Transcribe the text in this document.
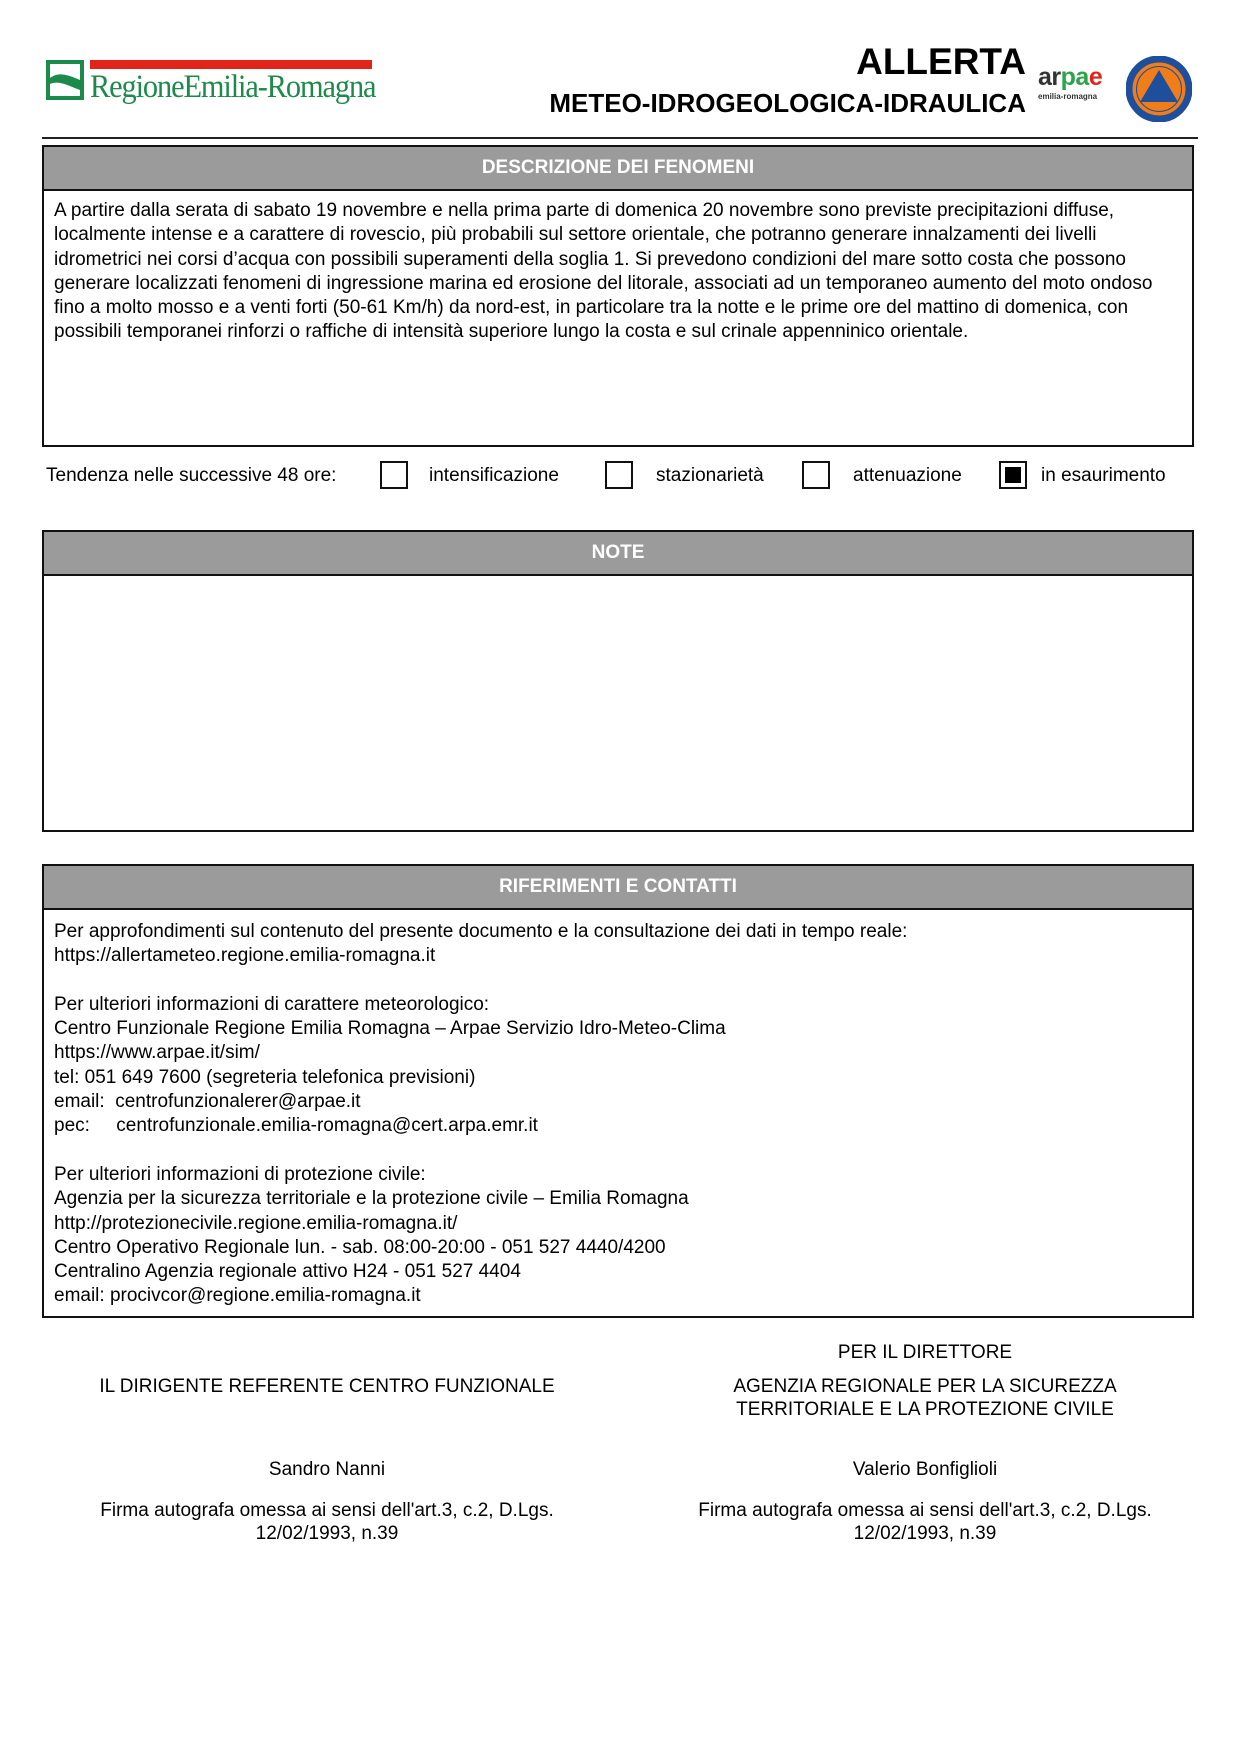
RegioneEmilia-Romagna
ALLERTA
METEO-IDROGEOLOGICA-IDRAULICA
arpae
emilia-romagna
DESCRIZIONE DEI FENOMENI
A partire dalla serata di sabato 19 novembre e nella prima parte di domenica 20 novembre sono previste precipitazioni diffuse, localmente intense e a carattere di rovescio, più probabili sul settore orientale, che potranno generare innalzamenti dei livelli idrometrici nei corsi d’acqua con possibili superamenti della soglia 1. Si prevedono condizioni del mare sotto costa che possono generare localizzati fenomeni di ingressione marina ed erosione del litorale, associati ad un temporaneo aumento del moto ondoso fino a molto mosso e a venti forti (50-61 Km/h) da nord-est, in particolare tra la notte e le prime ore del mattino di domenica, con possibili temporanei rinforzi o raffiche di intensità superiore lungo la costa e sul crinale appenninico orientale.
Tendenza nelle successive 48 ore:	intensificazione	stazionarietà	attenuazione	in esaurimento
NOTE
RIFERIMENTI E CONTATTI
Per approfondimenti sul contenuto del presente documento e la consultazione dei dati in tempo reale:
https://allertameteo.regione.emilia-romagna.it
Per ulteriori informazioni di carattere meteorologico:
Centro Funzionale Regione Emilia Romagna – Arpae Servizio Idro-Meteo-Clima
https://www.arpae.it/sim/
tel: 051 649 7600 (segreteria telefonica previsioni)
email:  centrofunzionalerer@arpae.it
pec:     centrofunzionale.emilia-romagna@cert.arpa.emr.it
Per ulteriori informazioni di protezione civile:
Agenzia per la sicurezza territoriale e la protezione civile – Emilia Romagna
http://protezionecivile.regione.emilia-romagna.it/
Centro Operativo Regionale lun. - sab. 08:00-20:00 - 051 527 4440/4200
Centralino Agenzia regionale attivo H24 - 051 527 4404
email: procivcor@regione.emilia-romagna.it
IL DIRIGENTE REFERENTE CENTRO FUNZIONALE
Sandro Nanni
Firma autografa omessa ai sensi dell'art.3, c.2, D.Lgs.
12/02/1993, n.39
PER IL DIRETTORE
AGENZIA REGIONALE PER LA SICUREZZA
TERRITORIALE E LA PROTEZIONE CIVILE
Valerio Bonfiglioli
Firma autografa omessa ai sensi dell'art.3, c.2, D.Lgs.
12/02/1993, n.39
